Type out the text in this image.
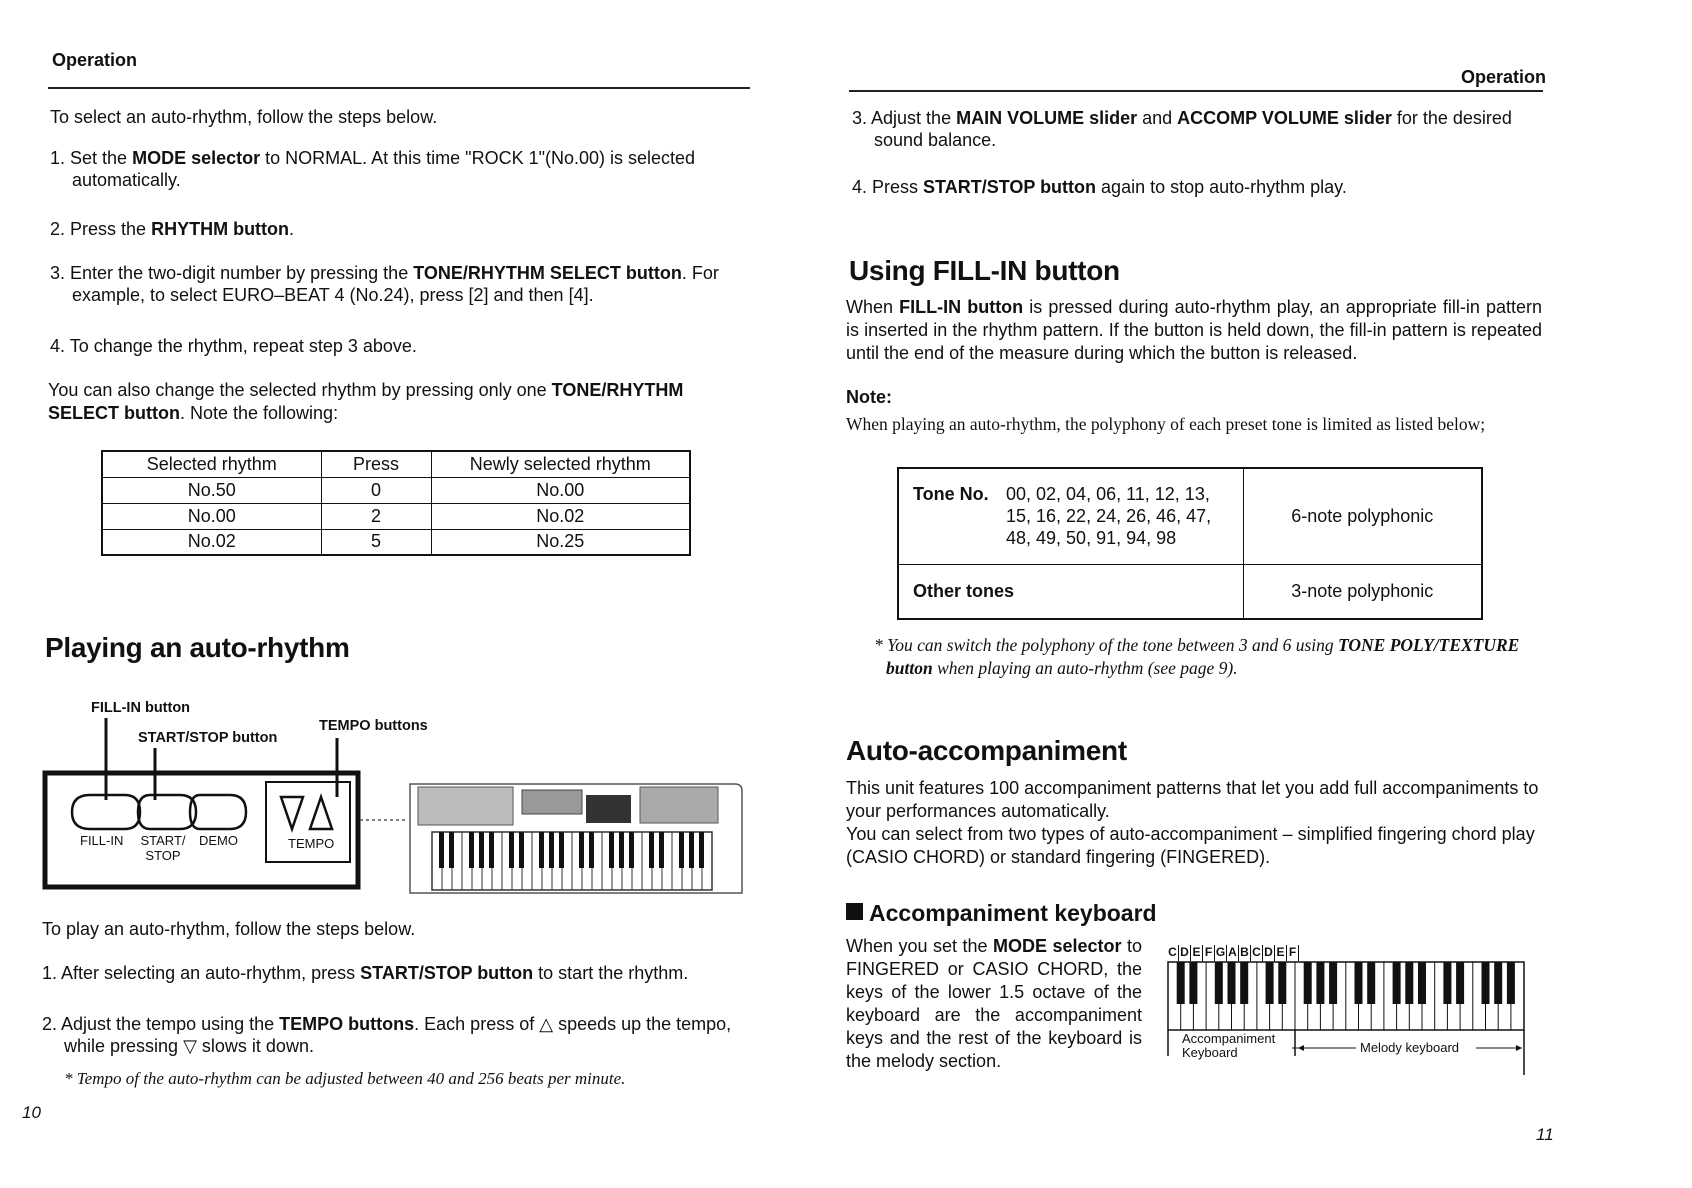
Operation
To select an auto-rhythm, follow the steps below.
1. Set the MODE selector to NORMAL. At this time "ROCK 1"(No.00) is selected automatically.
2. Press the RHYTHM button.
3. Enter the two-digit number by pressing the TONE/RHYTHM SELECT button. For example, to select EURO–BEAT 4 (No.24), press [2] and then [4].
4. To change the rhythm, repeat step 3 above.
You can also change the selected rhythm by pressing only one TONE/RHYTHM SELECT button. Note the following:
Selected rhythm	Press	Newly selected rhythm
No.50	0	No.00
No.00	2	No.02
No.02	5	No.25
Playing an auto-rhythm
FILL-IN button
START/STOP button
TEMPO buttons
FILL-IN START/
STOP
DEMO	TEMPO
To play an auto-rhythm, follow the steps below.
1. After selecting an auto-rhythm, press START/STOP button to start the rhythm.
2. Adjust the tempo using the TEMPO buttons. Each press of △ speeds up the tempo, while pressing ▽ slows it down.
* Tempo of the auto-rhythm can be adjusted between 40 and 256 beats per minute.
10
Operation
3. Adjust the MAIN VOLUME slider and ACCOMP VOLUME slider for the desired sound balance.
4. Press START/STOP button again to stop auto-rhythm play.
Using FILL-IN button
When FILL-IN button is pressed during auto-rhythm play, an appropriate fill-in pattern is inserted in the rhythm pattern. If the button is held down, the fill-in pattern is repeated until the end of the measure during which the button is released.
Note:
When playing an auto-rhythm, the polyphony of each preset tone is limited as listed below;
Tone No. 00, 02, 04, 06, 11, 12, 13,
15, 16, 22, 24, 26, 46, 47,
48, 49, 50, 91, 94, 98	6-note polyphonic
Other tones	3-note polyphonic
* You can switch the polyphony of the tone between 3 and 6 using TONE POLY/TEXTURE button when playing an auto-rhythm (see page 9).
Auto-accompaniment
This unit features 100 accompaniment patterns that let you add full accompaniments to your performances automatically.
You can select from two types of auto-accompaniment – simplified fingering chord play (CASIO CHORD) or standard fingering (FINGERED).
Accompaniment keyboard
When you set the MODE selector to FINGERED or CASIO CHORD, the keys of the lower 1.5 octave of the keyboard are the accompaniment keys and the rest of the keyboard is the melody section.
C D E F G A B C D E F
Accompaniment
Keyboard	Melody keyboard
11
